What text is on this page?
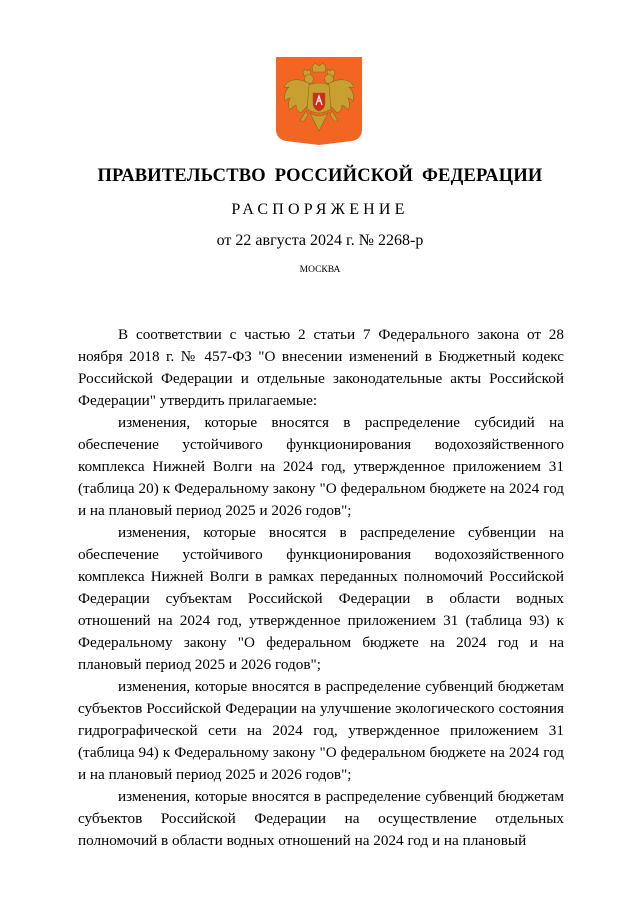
ПРАВИТЕЛЬСТВО РОССИЙСКОЙ ФЕДЕРАЦИИ
РАСПОРЯЖЕНИЕ
от 22 августа 2024 г. № 2268-р
МОСКВА

В соответствии с частью 2 статьи 7 Федерального закона от 28 ноября 2018 г. № 457-ФЗ "О внесении изменений в Бюджетный кодекс Российской Федерации и отдельные законодательные акты Российской Федерации" утвердить прилагаемые:

изменения, которые вносятся в распределение субсидий на обеспечение устойчивого функционирования водохозяйственного комплекса Нижней Волги на 2024 год, утвержденное приложением 31 (таблица 20) к Федеральному закону "О федеральном бюджете на 2024 год и на плановый период 2025 и 2026 годов";

изменения, которые вносятся в распределение субвенции на обеспечение устойчивого функционирования водохозяйственного комплекса Нижней Волги в рамках переданных полномочий Российской Федерации субъектам Российской Федерации в области водных отношений на 2024 год, утвержденное приложением 31 (таблица 93) к Федеральному закону "О федеральном бюджете на 2024 год и на плановый период 2025 и 2026 годов";

изменения, которые вносятся в распределение субвенций бюджетам субъектов Российской Федерации на улучшение экологического состояния гидрографической сети на 2024 год, утвержденное приложением 31 (таблица 94) к Федеральному закону "О федеральном бюджете на 2024 год и на плановый период 2025 и 2026 годов";

изменения, которые вносятся в распределение субвенций бюджетам субъектов Российской Федерации на осуществление отдельных полномочий в области водных отношений на 2024 год и на плановый
